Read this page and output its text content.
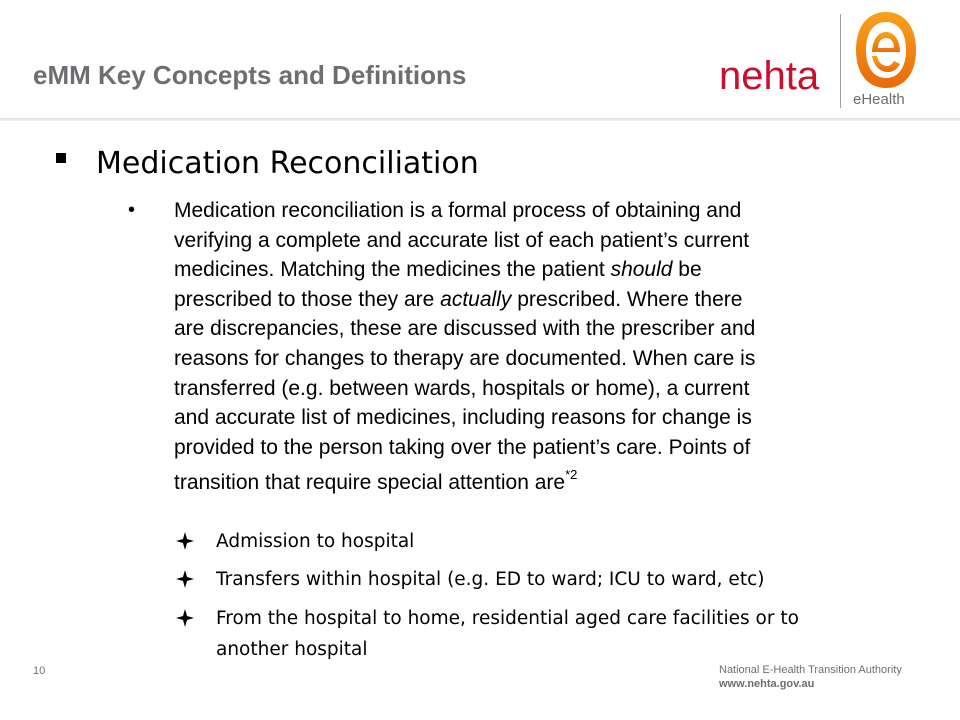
eMM Key Concepts and Definitions	nehta
eHealth
Medication Reconciliation
• Medication reconciliation is a formal process of obtaining and
verifying a complete and accurate list of each patient’s current
medicines. Matching the medicines the patient should be
prescribed to those they are actually prescribed. Where there
are discrepancies, these are discussed with the prescriber and
reasons for changes to therapy are documented. When care is
transferred (e.g. between wards, hospitals or home), a current
and accurate list of medicines, including reasons for change is
provided to the person taking over the patient’s care. Points of
transition that require special attention are$^{*2}$
Admission to hospital
Transfers within hospital (e.g. ED to ward; ICU to ward, etc)
From the hospital to home, residential aged care facilities or to
another hospital
10	National E-Health Transition Authority
www.nehta.gov.au
